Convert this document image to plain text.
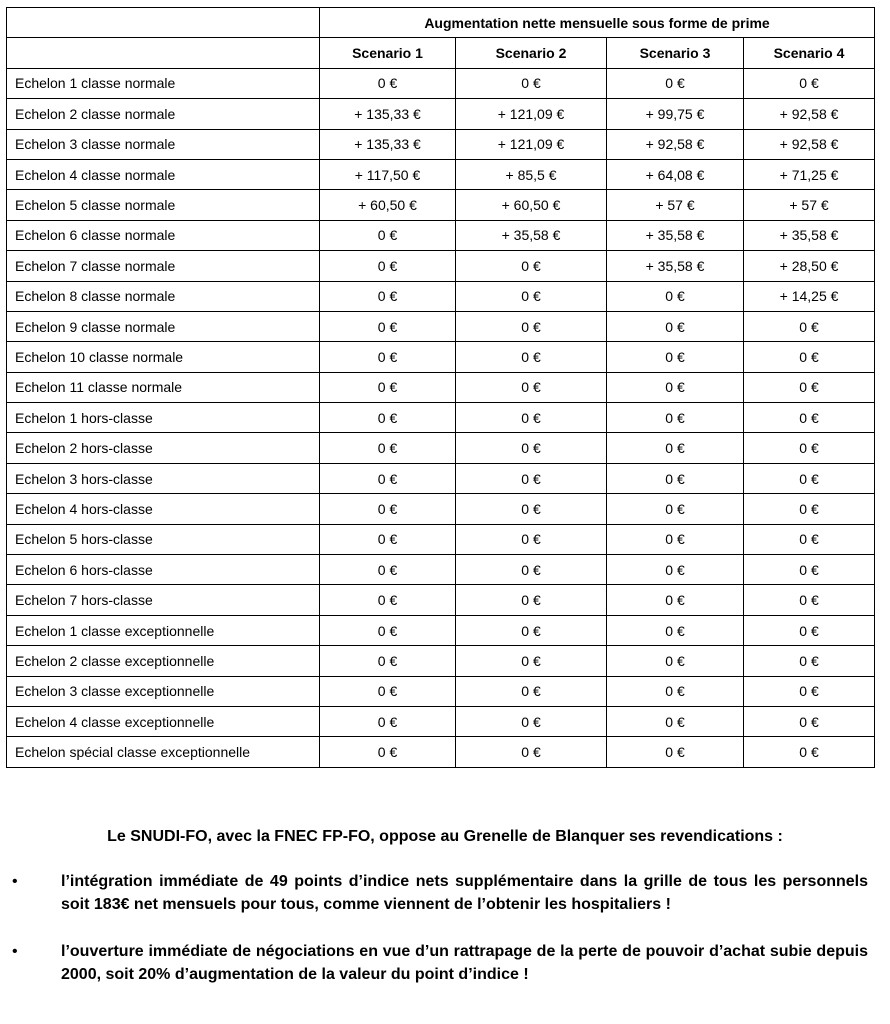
	Augmentation nette mensuelle sous forme de prime			
	Scenario 1	Scenario 2	Scenario 3	Scenario 4
Echelon 1 classe normale	0 €	0 €	0 €	0 €
Echelon 2 classe normale	+ 135,33 €	+ 121,09 €	+ 99,75 €	+ 92,58 €
Echelon 3 classe normale	+ 135,33 €	+ 121,09 €	+ 92,58 €	+ 92,58 €
Echelon 4 classe normale	+ 117,50 €	+ 85,5 €	+ 64,08 €	+ 71,25 €
Echelon 5 classe normale	+ 60,50 €	+ 60,50 €	+ 57 €	+ 57 €
Echelon 6 classe normale	0 €	+ 35,58 €	+ 35,58 €	+ 35,58 €
Echelon 7 classe normale	0 €	0 €	+ 35,58 €	+ 28,50 €
Echelon 8 classe normale	0 €	0 €	0 €	+ 14,25 €
Echelon 9 classe normale	0 €	0 €	0 €	0 €
Echelon 10 classe normale	0 €	0 €	0 €	0 €
Echelon 11 classe normale	0 €	0 €	0 €	0 €
Echelon 1 hors-classe	0 €	0 €	0 €	0 €
Echelon 2 hors-classe	0 €	0 €	0 €	0 €
Echelon 3 hors-classe	0 €	0 €	0 €	0 €
Echelon 4 hors-classe	0 €	0 €	0 €	0 €
Echelon 5 hors-classe	0 €	0 €	0 €	0 €
Echelon 6 hors-classe	0 €	0 €	0 €	0 €
Echelon 7 hors-classe	0 €	0 €	0 €	0 €
Echelon 1 classe exceptionnelle	0 €	0 €	0 €	0 €
Echelon 2 classe exceptionnelle	0 €	0 €	0 €	0 €
Echelon 3 classe exceptionnelle	0 €	0 €	0 €	0 €
Echelon 4 classe exceptionnelle	0 €	0 €	0 €	0 €
Echelon spécial classe exceptionnelle	0 €	0 €	0 €	0 €

Le SNUDI-FO, avec la FNEC FP-FO, oppose au Grenelle de Blanquer ses revendications :

•	l’intégration immédiate de 49 points d’indice nets supplémentaire dans la grille de tous les personnels soit 183€ net mensuels pour tous, comme viennent de l’obtenir les hospitaliers !
•	l’ouverture immédiate de négociations en vue d’un rattrapage de la perte de pouvoir d’achat subie depuis 2000, soit 20% d’augmentation de la valeur du point d’indice !
